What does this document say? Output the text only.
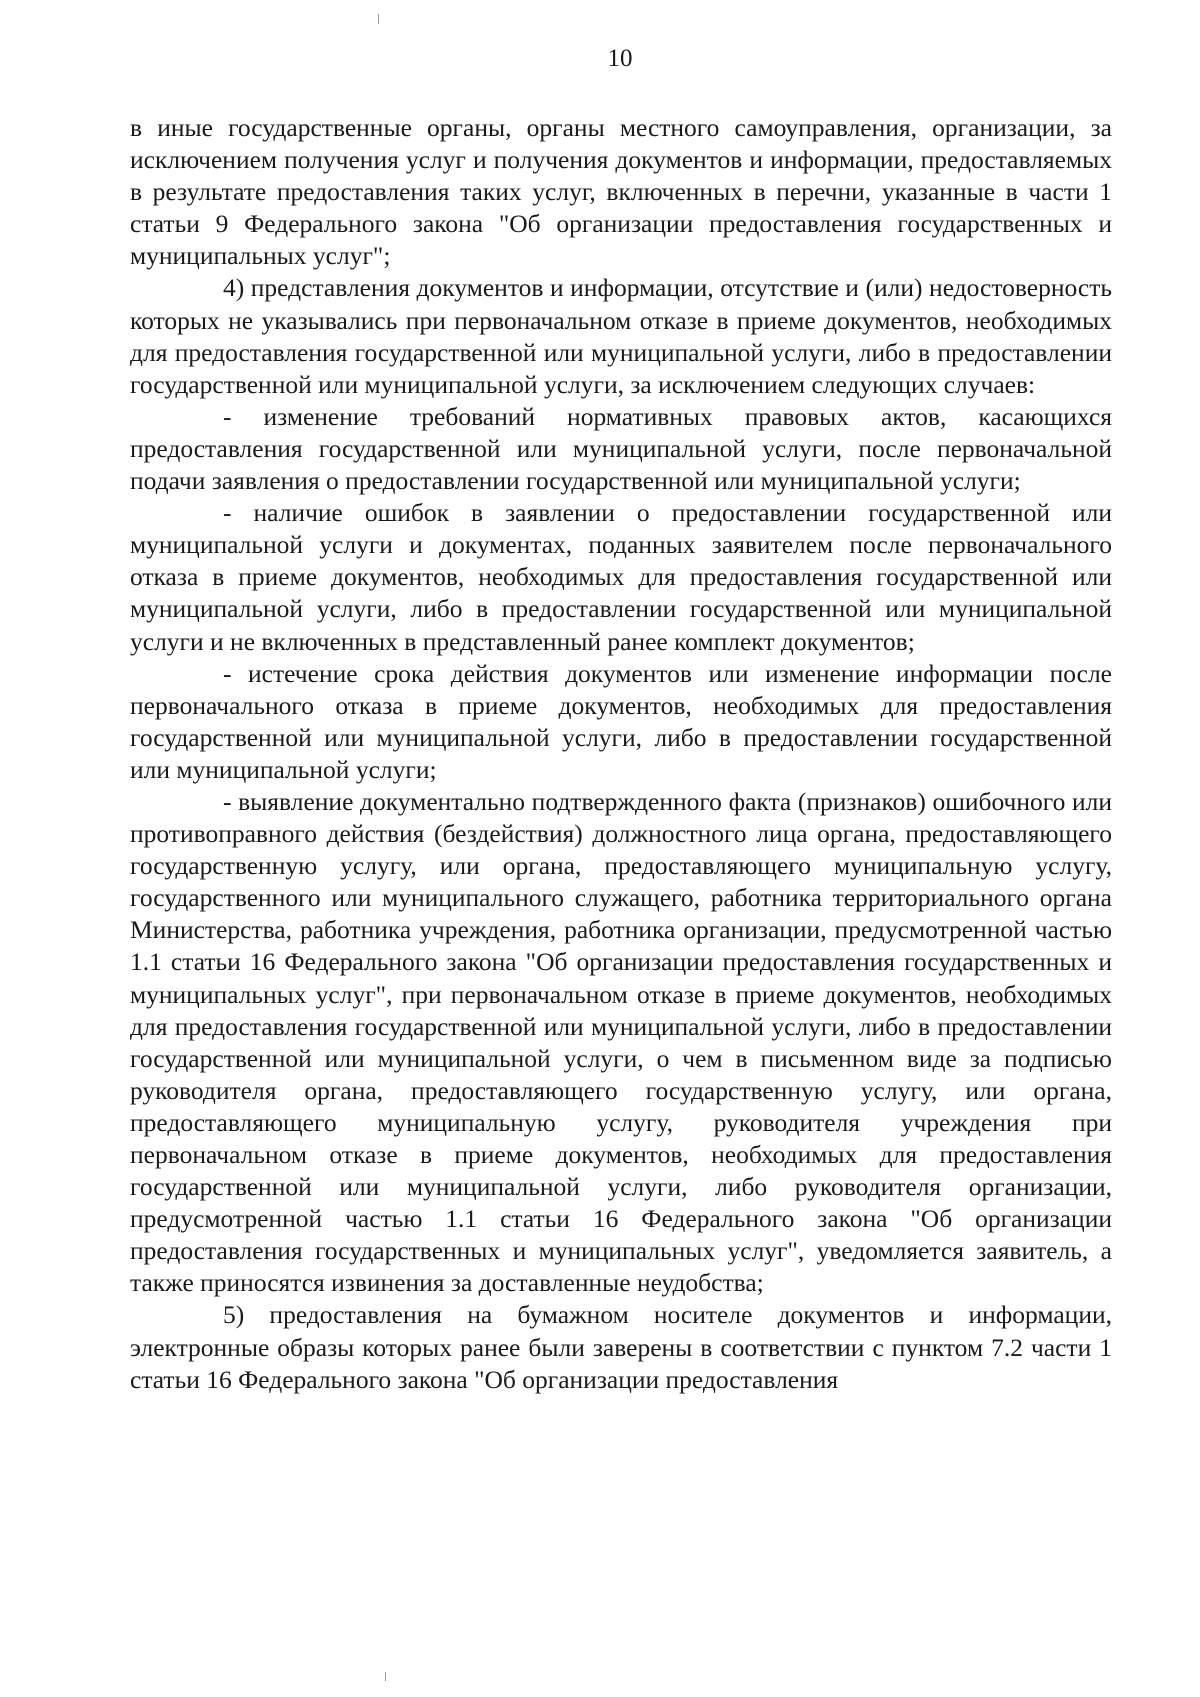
10

в иные государственные органы, органы местного самоуправления, организации, за исключением получения услуг и получения документов и информации, предоставляемых в результате предоставления таких услуг, включенных в перечни, указанные в части 1 статьи 9 Федерального закона "Об организации предоставления государственных и муниципальных услуг";

4) представления документов и информации, отсутствие и (или) недостоверность которых не указывались при первоначальном отказе в приеме документов, необходимых для предоставления государственной или муниципальной услуги, либо в предоставлении государственной или муниципальной услуги, за исключением следующих случаев:

- изменение требований нормативных правовых актов, касающихся предоставления государственной или муниципальной услуги, после первоначальной подачи заявления о предоставлении государственной или муниципальной услуги;

- наличие ошибок в заявлении о предоставлении государственной или муниципальной услуги и документах, поданных заявителем после первоначального отказа в приеме документов, необходимых для предоставления государственной или муниципальной услуги, либо в предоставлении государственной или муниципальной услуги и не включенных в представленный ранее комплект документов;

- истечение срока действия документов или изменение информации после первоначального отказа в приеме документов, необходимых для предоставления государственной или муниципальной услуги, либо в предоставлении государственной или муниципальной услуги;

- выявление документально подтвержденного факта (признаков) ошибочного или противоправного действия (бездействия) должностного лица органа, предоставляющего государственную услугу, или органа, предоставляющего муниципальную услугу, государственного или муниципального служащего, работника территориального органа Министерства, работника учреждения, работника организации, предусмотренной частью 1.1 статьи 16 Федерального закона "Об организации предоставления государственных и муниципальных услуг", при первоначальном отказе в приеме документов, необходимых для предоставления государственной или муниципальной услуги, либо в предоставлении государственной или муниципальной услуги, о чем в письменном виде за подписью руководителя органа, предоставляющего государственную услугу, или органа, предоставляющего муниципальную услугу, руководителя учреждения при первоначальном отказе в приеме документов, необходимых для предоставления государственной или муниципальной услуги, либо руководителя организации, предусмотренной частью 1.1 статьи 16 Федерального закона "Об организации предоставления государственных и муниципальных услуг", уведомляется заявитель, а также приносятся извинения за доставленные неудобства;

5) предоставления на бумажном носителе документов и информации, электронные образы которых ранее были заверены в соответствии с пунктом 7.2 части 1 статьи 16 Федерального закона "Об организации предоставления
